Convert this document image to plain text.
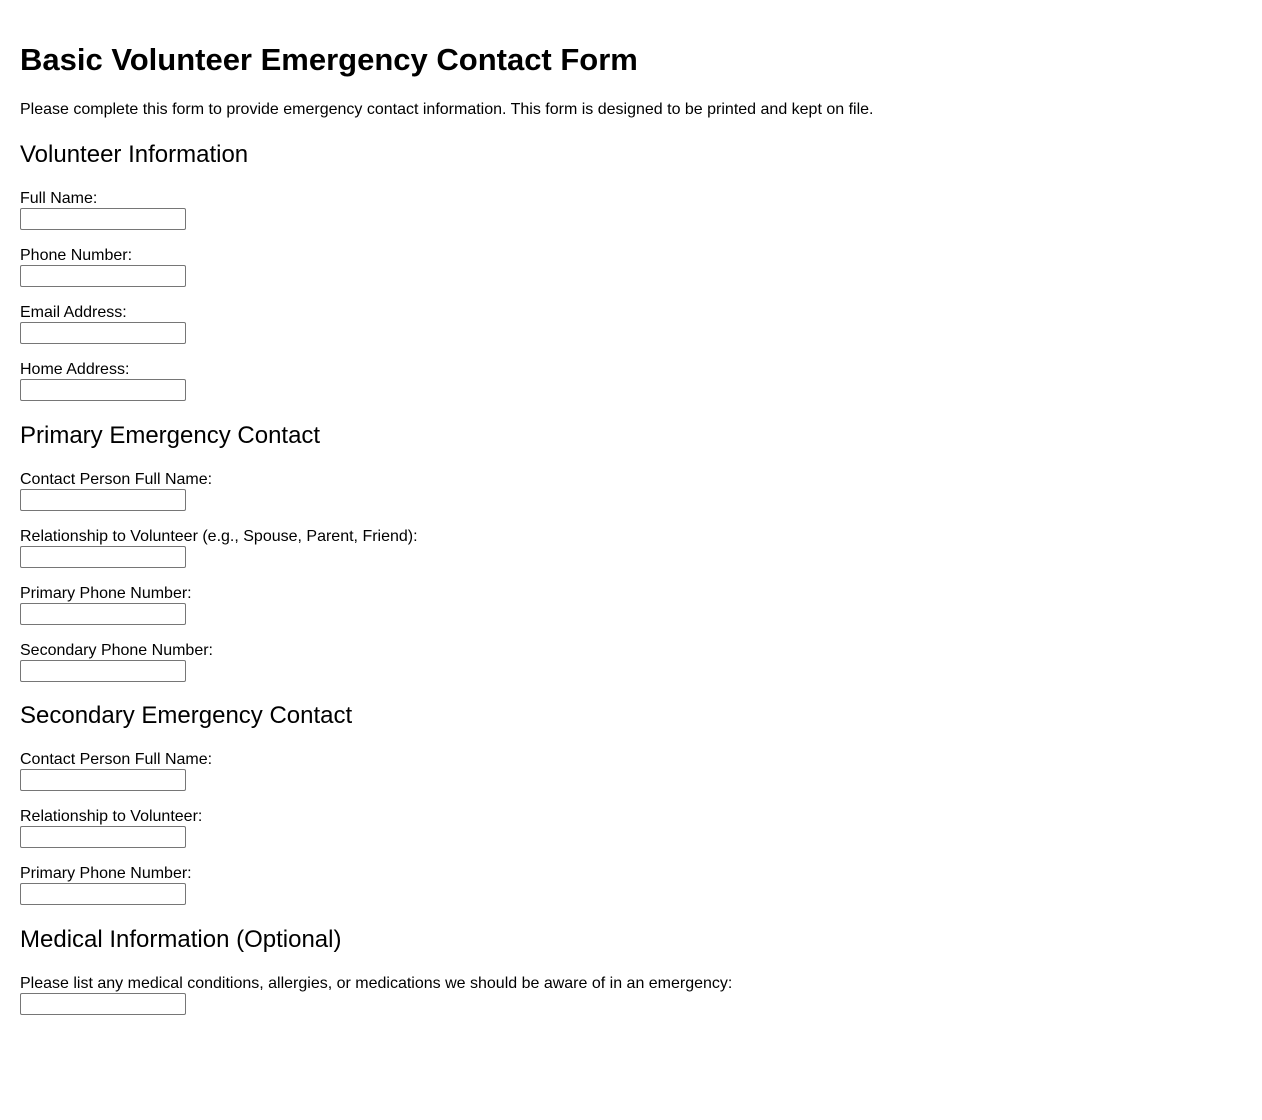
Basic Volunteer Emergency Contact Form

Please complete this form to provide emergency contact information. This form is designed to be printed and kept on file.

Volunteer Information
Full Name:
Phone Number:
Email Address:
Home Address:
Primary Emergency Contact
Contact Person Full Name:
Relationship to Volunteer (e.g., Spouse, Parent, Friend):
Primary Phone Number:
Secondary Phone Number:
Secondary Emergency Contact
Contact Person Full Name:
Relationship to Volunteer:
Primary Phone Number:
Medical Information (Optional)
Please list any medical conditions, allergies, or medications we should be aware of in an emergency:
